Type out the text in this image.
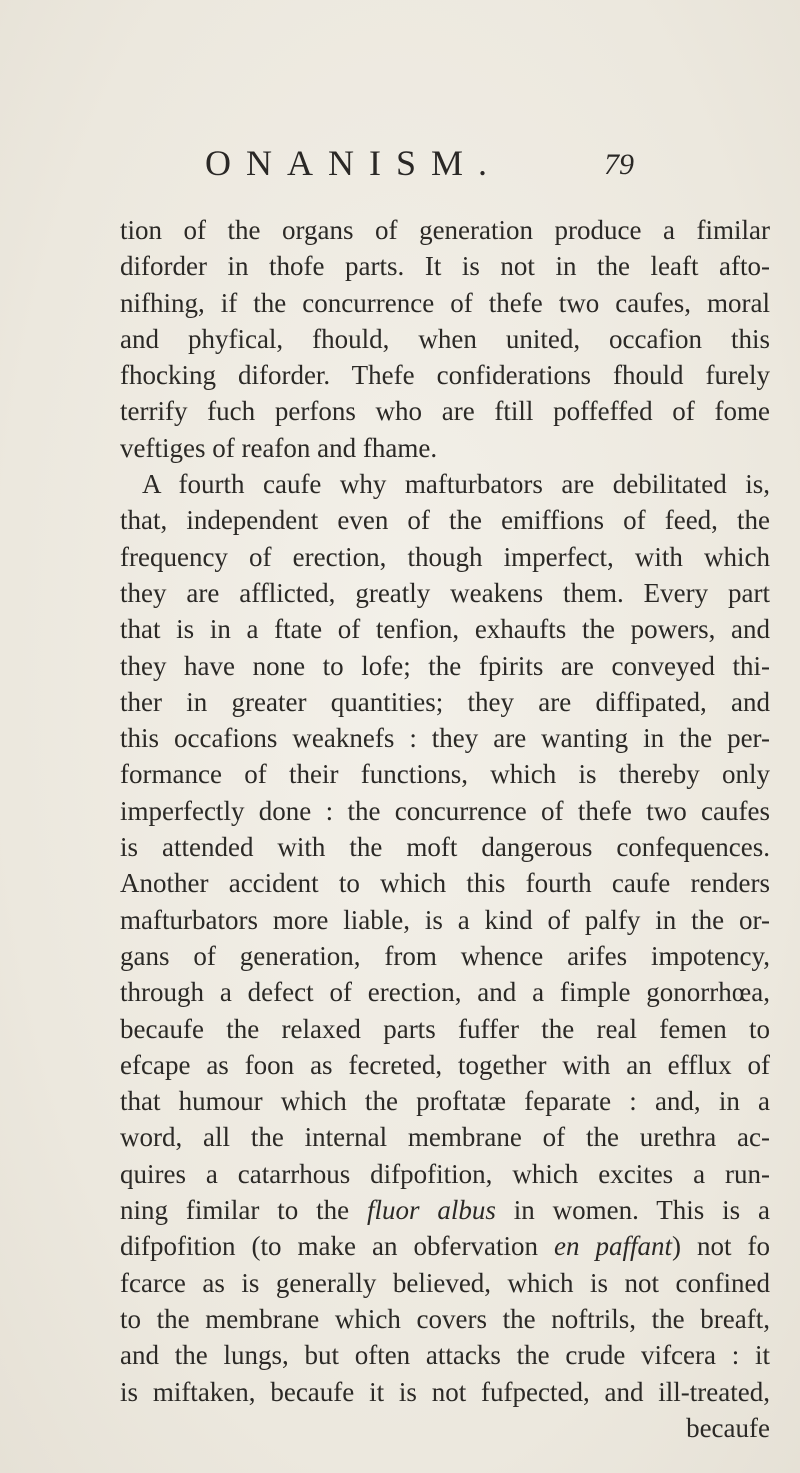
ONANISM.	79
tion of the organs of generation produce a fimilar
diforder in thofe parts. It is not in the leaft afto-
nifhing, if the concurrence of thefe two caufes, moral
and phyfical, fhould, when united, occafion this
fhocking diforder. Thefe confiderations fhould furely
terrify fuch perfons who are ftill poffeffed of fome
veftiges of reafon and fhame.
A fourth caufe why mafturbators are debilitated is,
that, independent even of the emiffions of feed, the
frequency of erection, though imperfect, with which
they are afflicted, greatly weakens them. Every part
that is in a ftate of tenfion, exhaufts the powers, and
they have none to lofe; the fpirits are conveyed thi-
ther in greater quantities; they are diffipated, and
this occafions weaknefs : they are wanting in the per-
formance of their functions, which is thereby only
imperfectly done : the concurrence of thefe two caufes
is attended with the moft dangerous confequences.
Another accident to which this fourth caufe renders
mafturbators more liable, is a kind of palfy in the or-
gans of generation, from whence arifes impotency,
through a defect of erection, and a fimple gonorrhœa,
becaufe the relaxed parts fuffer the real femen to
efcape as foon as fecreted, together with an efflux of
that humour which the proftatæ feparate : and, in a
word, all the internal membrane of the urethra ac-
quires a catarrhous difpofition, which excites a run-
ning fimilar to the fluor albus in women. This is a
difpofition (to make an obfervation en paffant) not fo
fcarce as is generally believed, which is not confined
to the membrane which covers the noftrils, the breaft,
and the lungs, but often attacks the crude vifcera : it
is miftaken, becaufe it is not fufpected, and ill-treated,
becaufe
